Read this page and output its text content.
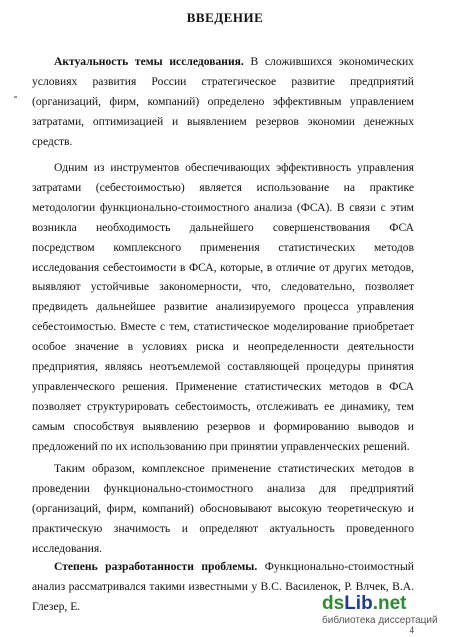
ВВЕДЕНИЕ
Актуальность темы исследования. В сложившихся экономических условиях развития России стратегическое развитие предприятий (организаций, фирм, компаний) определено эффективным управлением затратами, оптимизацией и выявлением резервов экономии денежных средств.
Одним из инструментов обеспечивающих эффективность управления затратами (себестоимостью) является использование на практике методологии функционально-стоимостного анализа (ФСА). В связи с этим возникла необходимость дальнейшего совершенствования ФСА посредством комплексного применения статистических методов исследования себестоимости в ФСА, которые, в отличие от других методов, выявляют устойчивые закономерности, что, следовательно, позволяет предвидеть дальнейшее развитие анализируемого процесса управления себестоимостью. Вместе с тем, статистическое моделирование приобретает особое значение в условиях риска и неопределенности деятельности предприятия, являясь неотъемлемой составляющей процедуры принятия управленческого решения. Применение статистических методов в ФСА позволяет структурировать себестоимость, отслеживать ее динамику, тем самым способствуя выявлению резервов и формированию выводов и предложений по их использованию при принятии управленческих решений.
Таким образом, комплексное применение статистических методов в проведении функционально-стоимостного анализа для предприятий (организаций, фирм, компаний) обосновывают высокую теоретическую и практическую значимость и определяют актуальность проведенного исследования.
Степень разработанности проблемы. Функционально-стоимостный анализ рассматривался такими известными у В.С. Василенок, Р. Влчек, В.А. Глезер, Е.	dsLib.net
библиотека диссертаций
4
